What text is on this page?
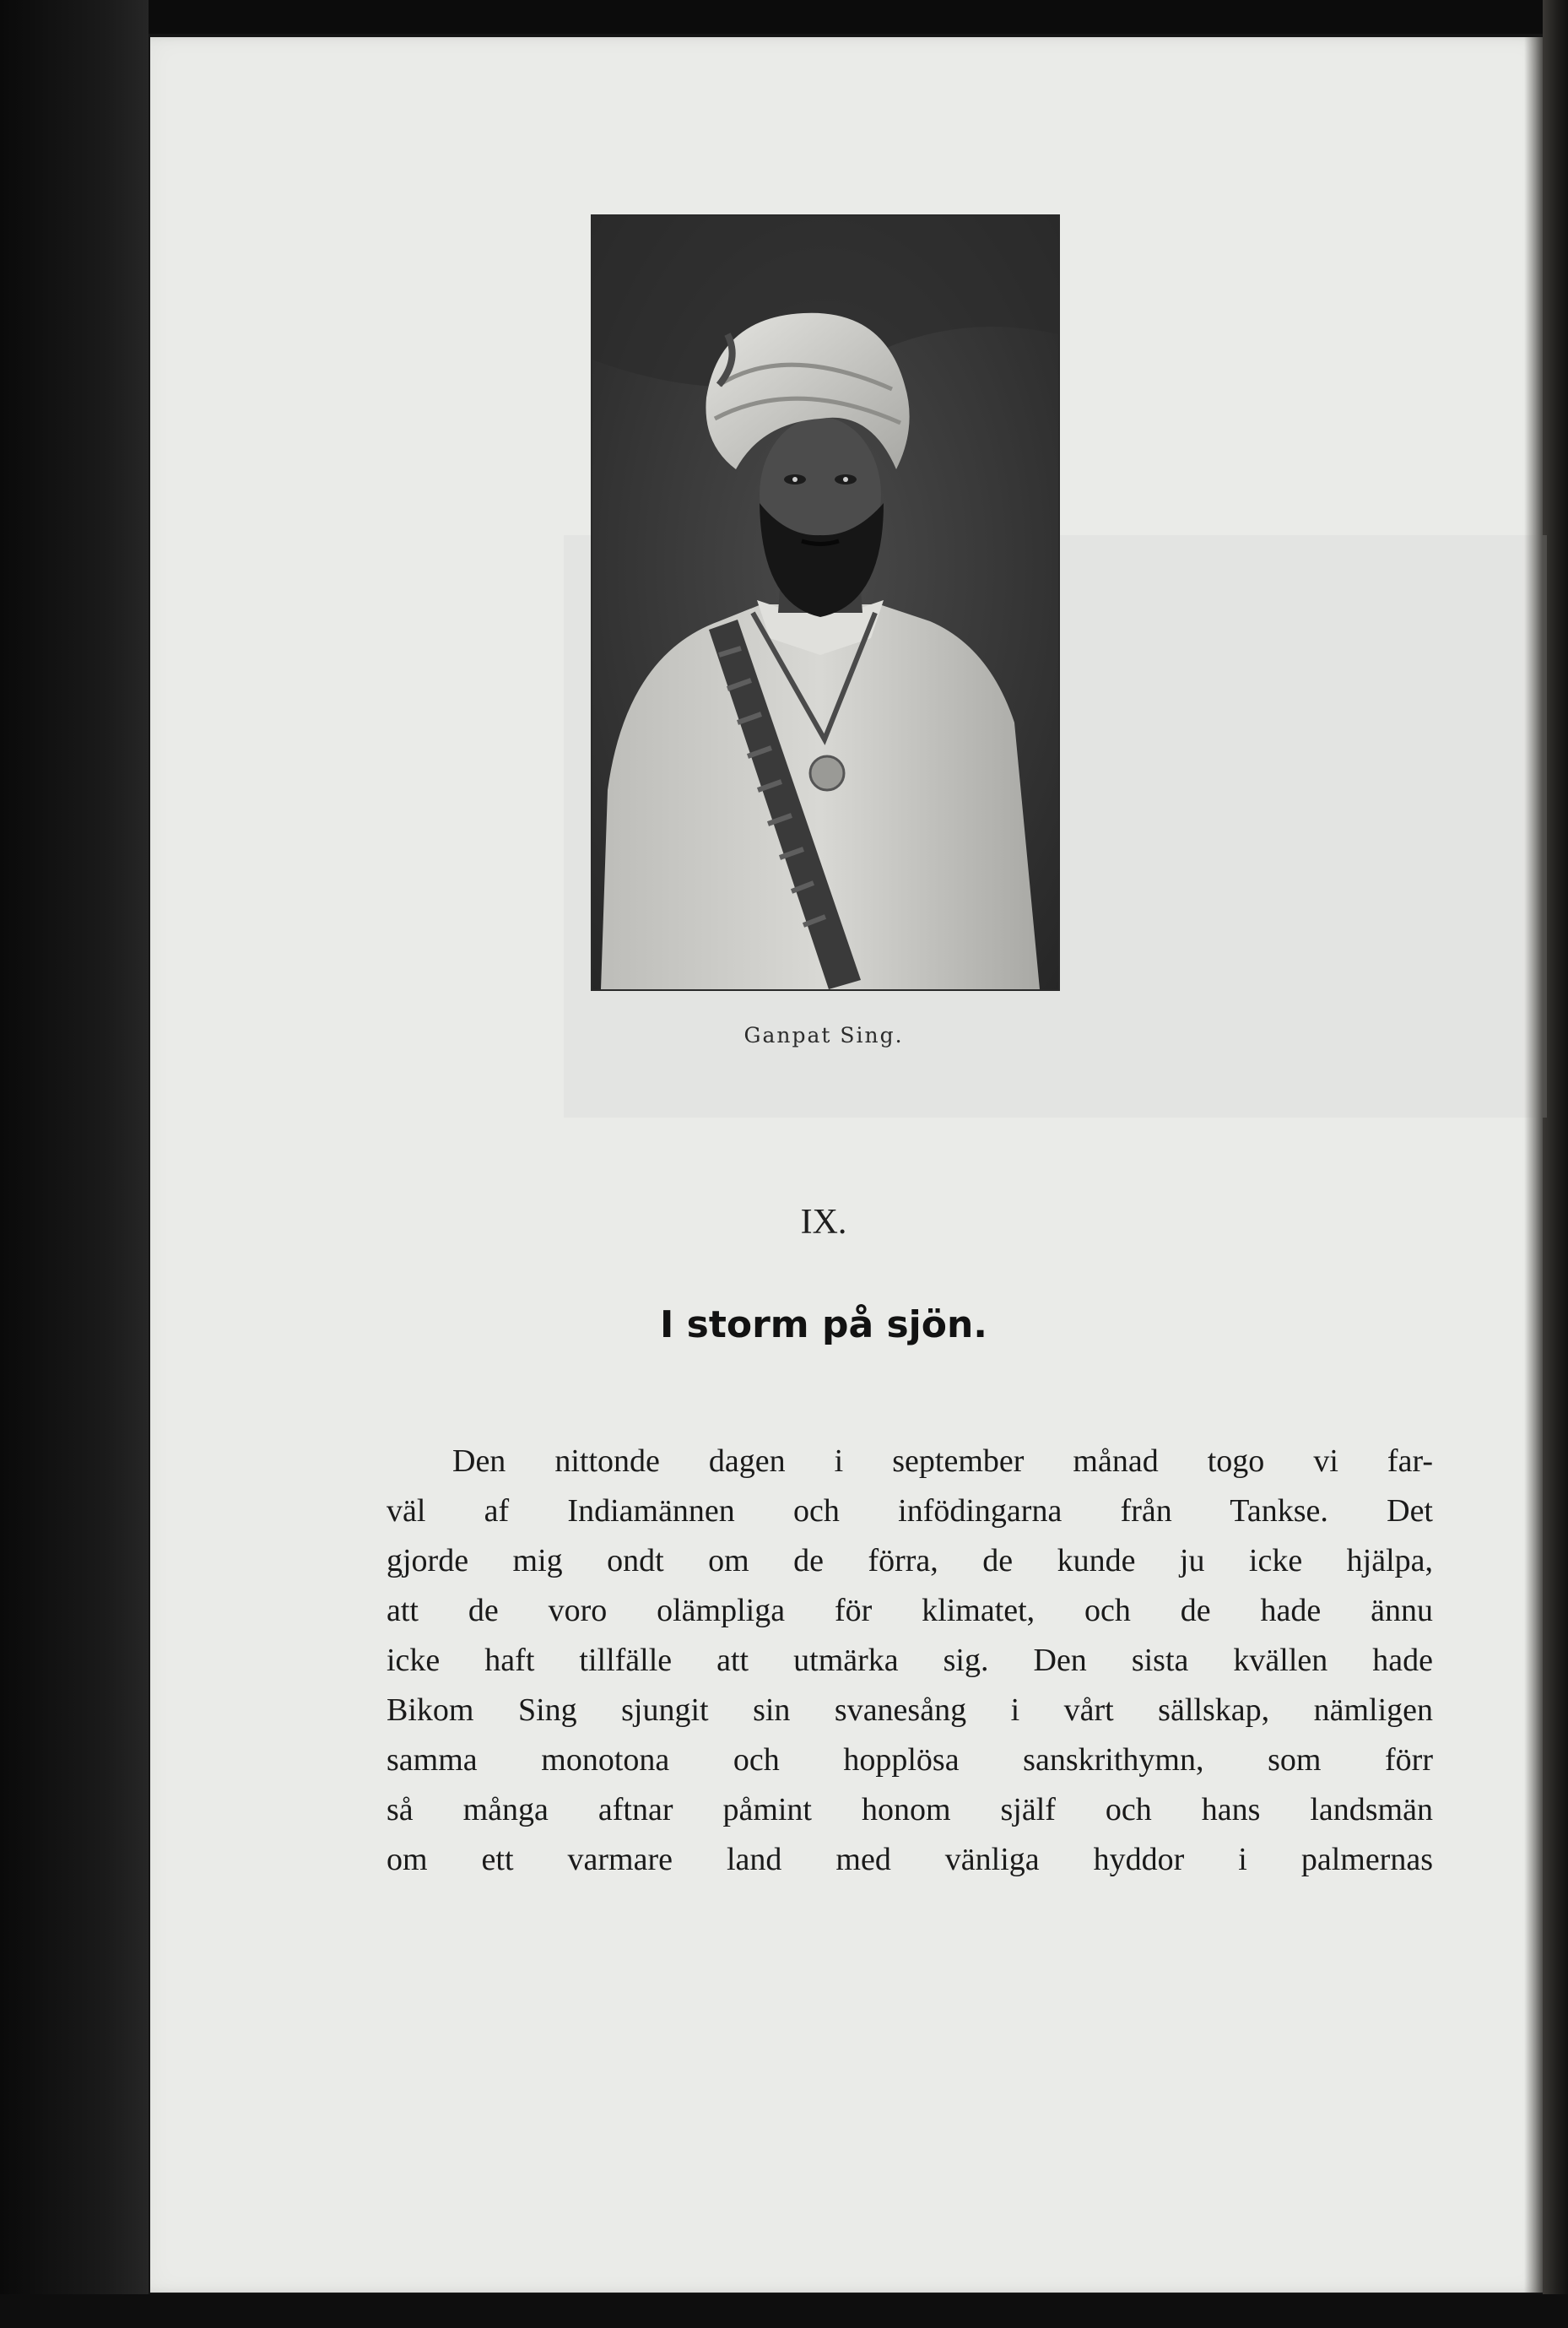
Ganpat Sing.
IX.
I storm på sjön.
Den nittonde dagen i september månad togo vi far-
väl af Indiamännen och infödingarna från Tankse. Det
gjorde mig ondt om de förra, de kunde ju icke hjälpa,
att de voro olämpliga för klimatet, och de hade ännu
icke haft tillfälle att utmärka sig. Den sista kvällen hade
Bikom Sing sjungit sin svanesång i vårt sällskap, nämligen
samma monotona och hopplösa sanskrithymn, som förr
så många aftnar påmint honom själf och hans landsmän
om ett varmare land med vänliga hyddor i palmernas
